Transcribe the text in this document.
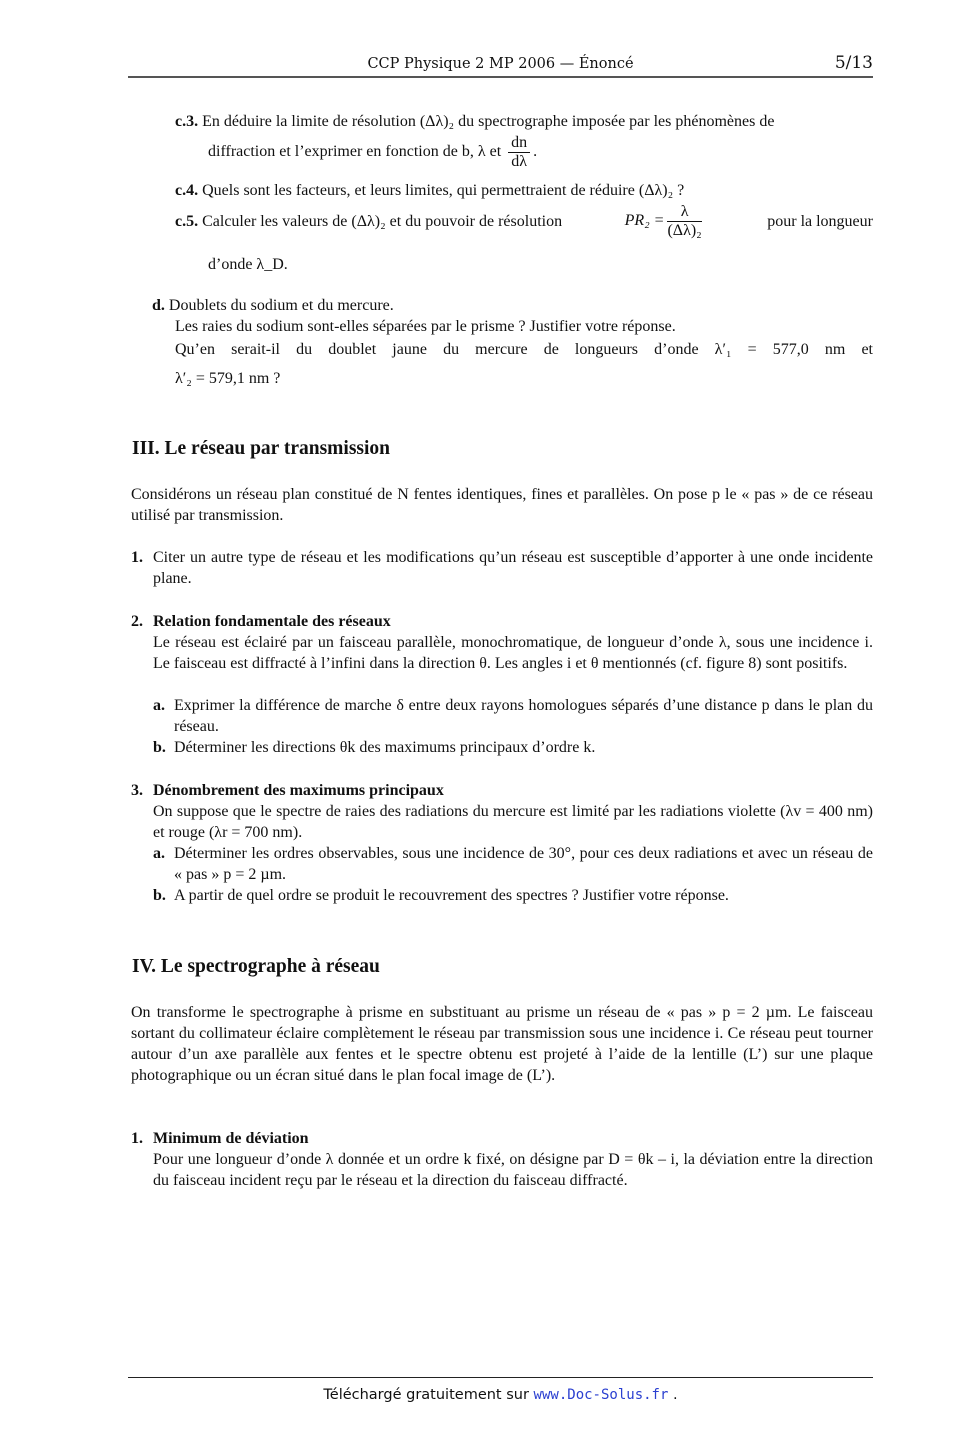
CCP Physique 2 MP 2006 — Énoncé	5/13
c.3. En déduire la limite de résolution (Δλ)₂ du spectrographe imposée par les phénomènes de
diffraction et l’exprimer en fonction de b, λ et $\frac{dn}{d\lambda}$ .
c.4. Quels sont les facteurs, et leurs limites, qui permettraient de réduire (Δλ)₂ ?
c.5. Calculer les valeurs de (Δλ)₂ et du pouvoir de résolution	$PR_2 = \frac{\lambda}{\text{(Δλ)₂}}$	pour la longueur
d’onde λ_D.
d. Doublets du sodium et du mercure.
Les raies du sodium sont-elles séparées par le prisme ? Justifier votre réponse.
Qu’en serait-il du doublet jaune du mercure de longueurs d’onde λ′₁ = 577,0 nm et
λ′₂ = 579,1 nm ?
III. Le réseau par transmission
Considérons un réseau plan constitué de N fentes identiques, fines et parallèles. On pose p le « pas » de ce réseau utilisé par transmission.
1. Citer un autre type de réseau et les modifications qu’un réseau est susceptible d’apporter à une onde incidente plane.
2. Relation fondamentale des réseaux
Le réseau est éclairé par un faisceau parallèle, monochromatique, de longueur d’onde λ, sous une incidence i. Le faisceau est diffracté à l’infini dans la direction θ. Les angles i et θ mentionnés (cf. figure 8) sont positifs.
a. Exprimer la différence de marche δ entre deux rayons homologues séparés d’une distance p dans le plan du réseau.
b. Déterminer les directions θk des maximums principaux d’ordre k.
3. Dénombrement des maximums principaux
On suppose que le spectre de raies des radiations du mercure est limité par les radiations violette (λv = 400 nm) et rouge (λr = 700 nm).
a. Déterminer les ordres observables, sous une incidence de 30°, pour ces deux radiations et avec un réseau de « pas » p = 2 µm.
b. A partir de quel ordre se produit le recouvrement des spectres ? Justifier votre réponse.
IV. Le spectrographe à réseau
On transforme le spectrographe à prisme en substituant au prisme un réseau de « pas » p = 2 µm. Le faisceau sortant du collimateur éclaire complètement le réseau par transmission sous une incidence i. Ce réseau peut tourner autour d’un axe parallèle aux fentes et le spectre obtenu est projeté à l’aide de la lentille (L’) sur une plaque photographique ou un écran situé dans le plan focal image de (L’).
1. Minimum de déviation
Pour une longueur d’onde λ donnée et un ordre k fixé, on désigne par D = θk – i, la déviation entre la direction du faisceau incident reçu par le réseau et la direction du faisceau diffracté.
Téléchargé gratuitement sur www.Doc-Solus.fr .
